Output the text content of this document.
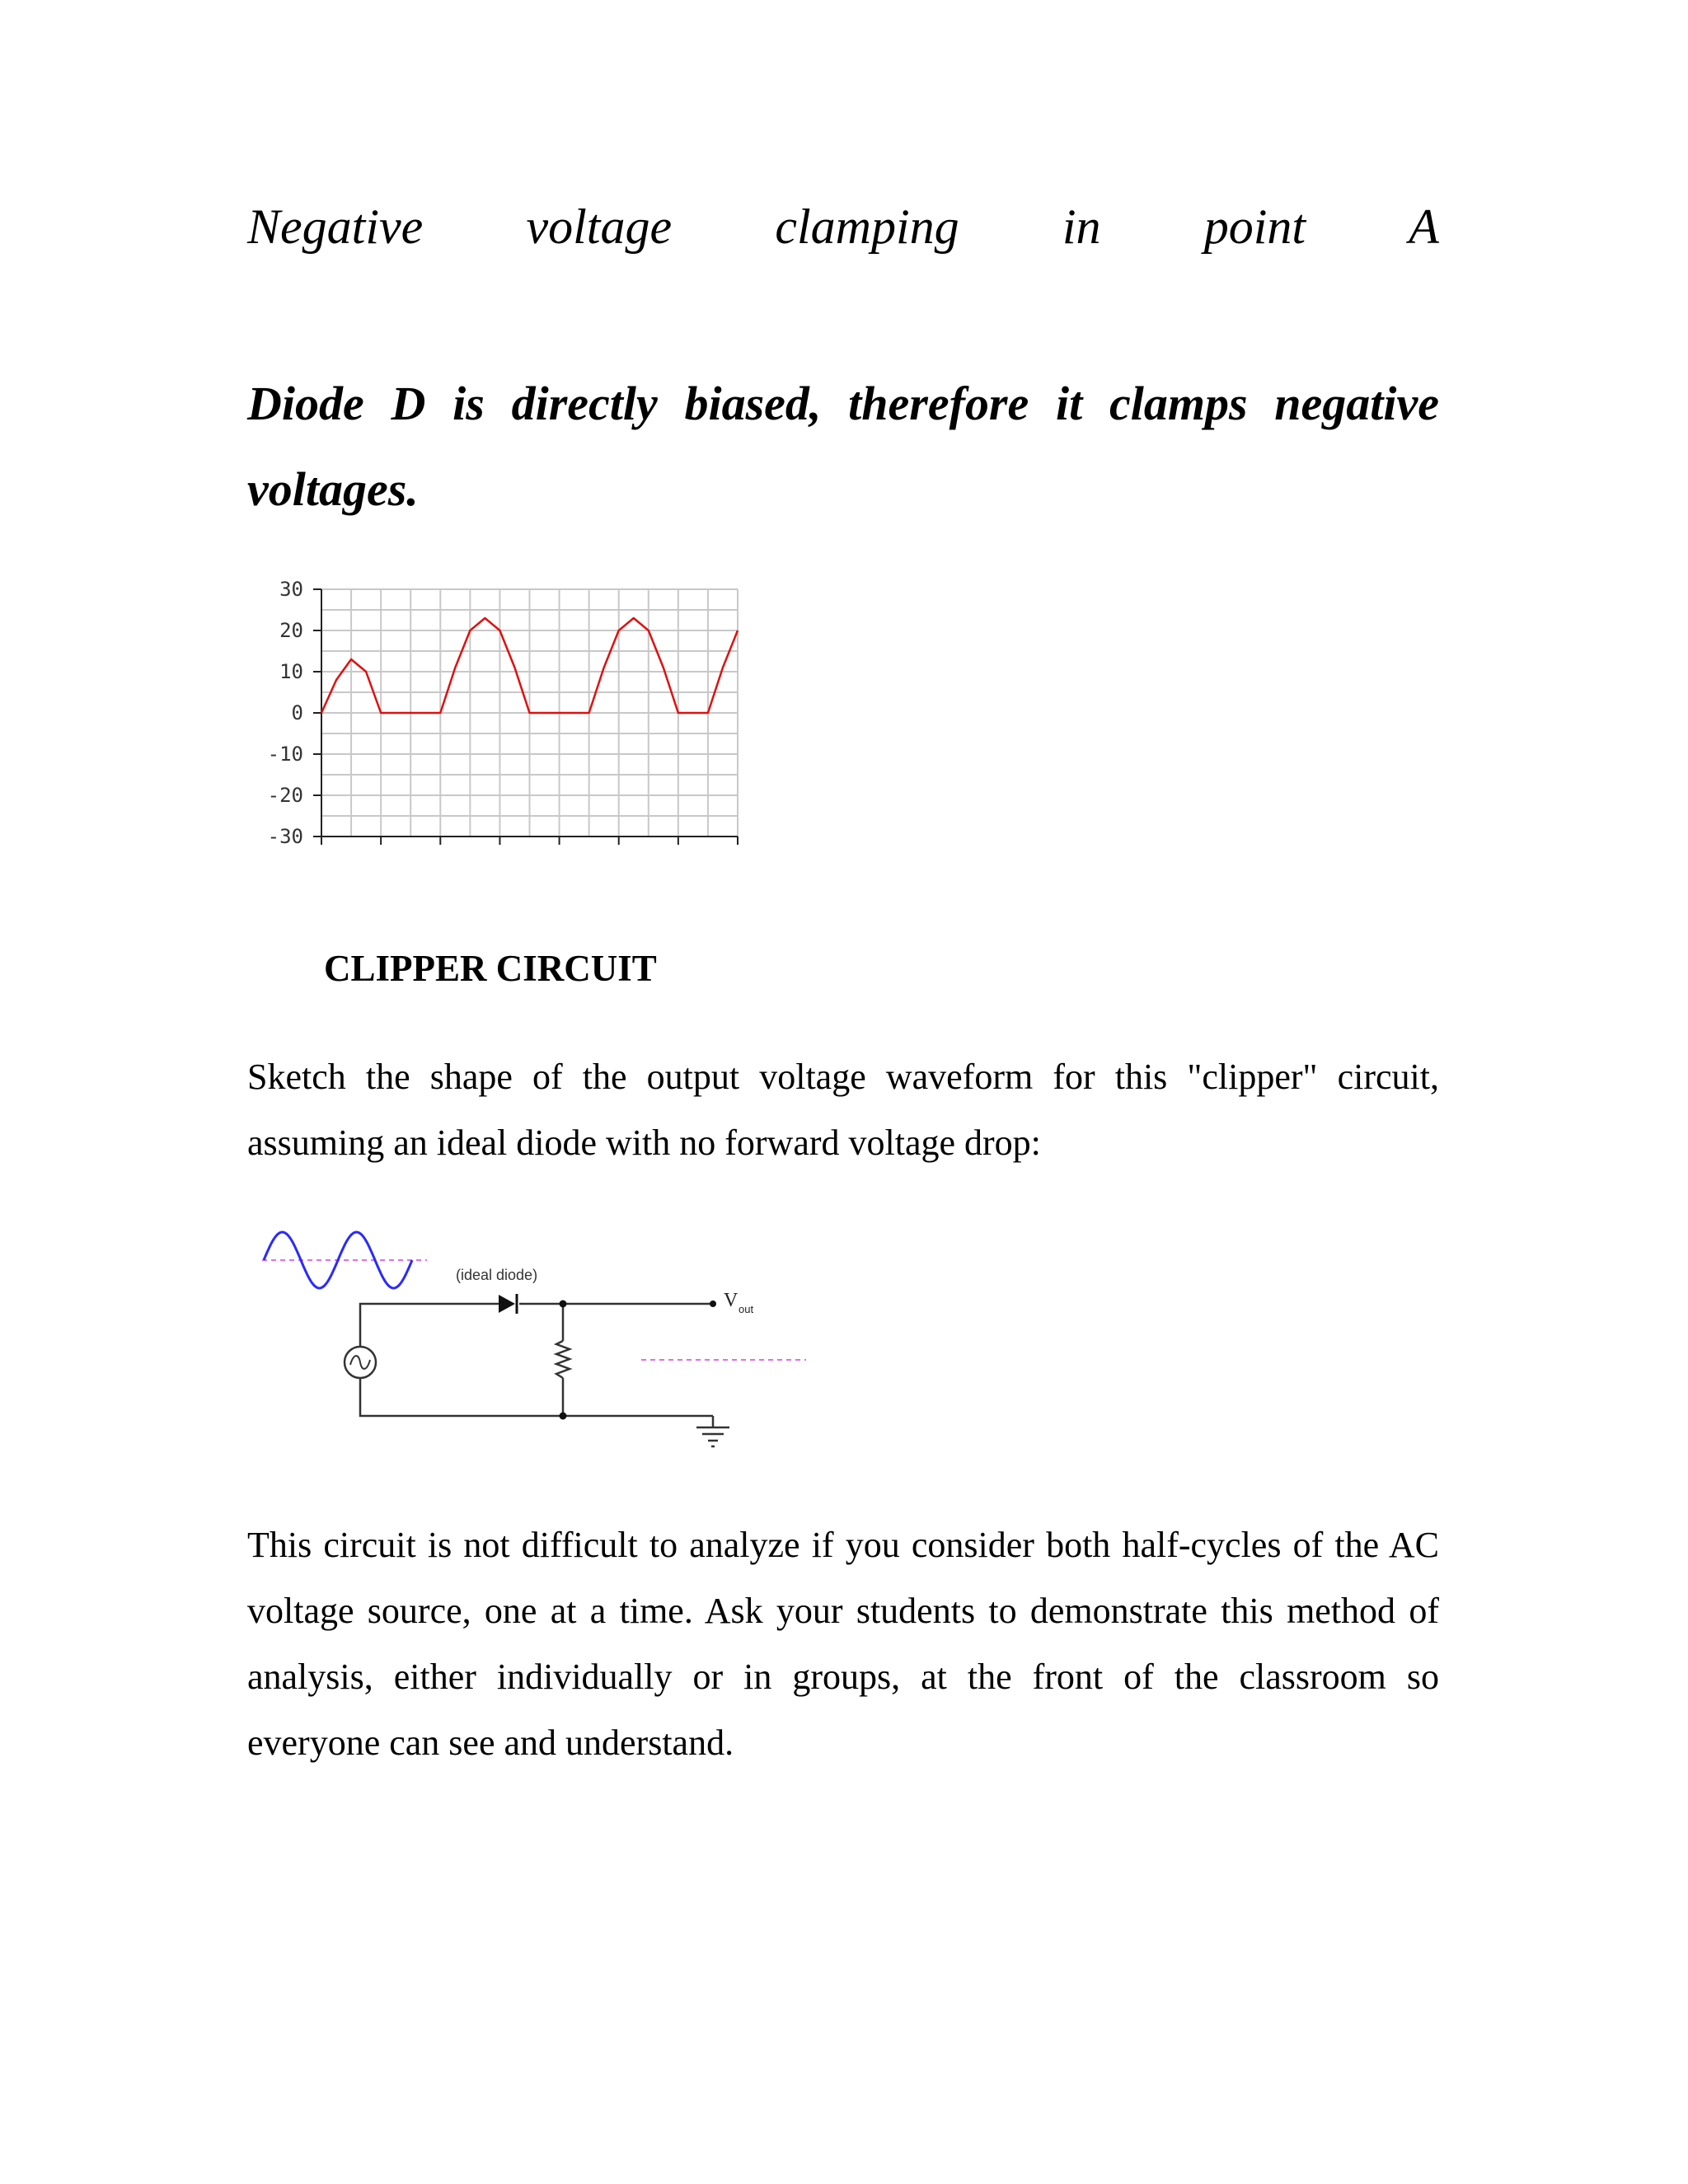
Negative voltage clamping in point A
Diode D is directly biased, therefore it clamps negative voltages.
30
20
10
0
-10
-20
-30
CLIPPER CIRCUIT
Sketch the shape of the output voltage waveform for this "clipper" circuit, assuming an ideal diode with no forward voltage drop:
(ideal diode)
V out
This circuit is not difficult to analyze if you consider both half-cycles of the AC voltage source, one at a time. Ask your students to demonstrate this method of analysis, either individually or in groups, at the front of the classroom so everyone can see and understand.
